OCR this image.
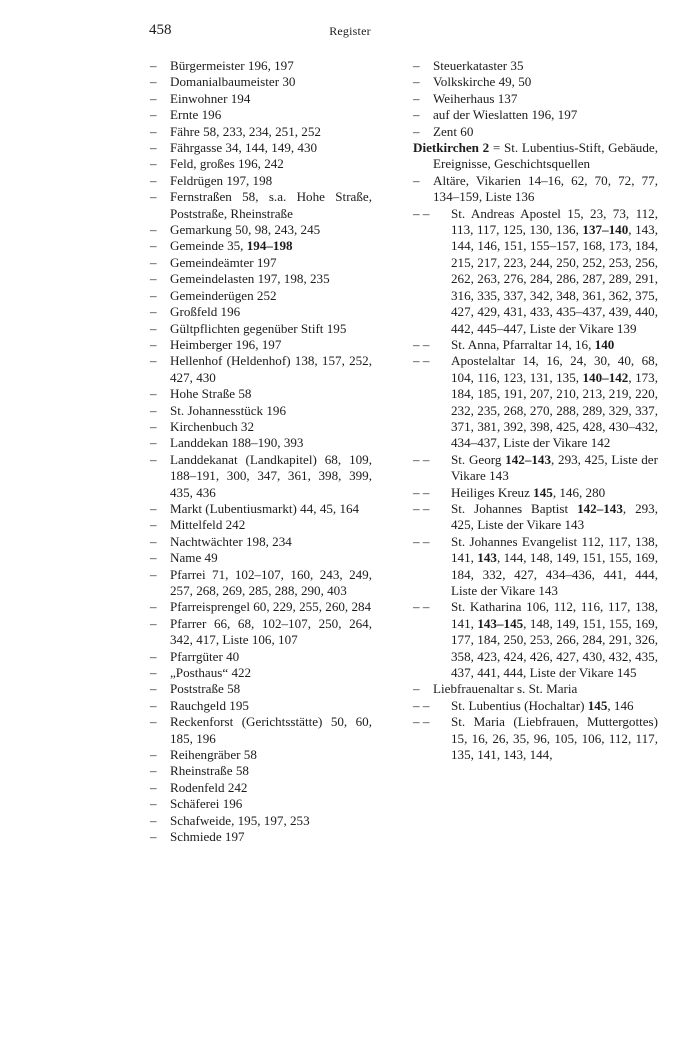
458	Register
– Bürgermeister 196, 197
– Domanialbaumeister 30
– Einwohner 194
– Ernte 196
– Fähre 58, 233, 234, 251, 252
– Fährgasse 34, 144, 149, 430
– Feld, großes 196, 242
– Feldrügen 197, 198
– Fernstraßen 58, s.a. Hohe Straße, Poststraße, Rheinstraße
– Gemarkung 50, 98, 243, 245
– Gemeinde 35, 194–198
– Gemeindeämter 197
– Gemeindelasten 197, 198, 235
– Gemeinderügen 252
– Großfeld 196
– Gültpflichten gegenüber Stift 195
– Heimberger 196, 197
– Hellenhof (Heldenhof) 138, 157, 252, 427, 430
– Hohe Straße 58
– St. Johannesstück 196
– Kirchenbuch 32
– Landdekan 188–190, 393
– Landdekanat (Landkapitel) 68, 109, 188–191, 300, 347, 361, 398, 399, 435, 436
– Markt (Lubentiusmarkt) 44, 45, 164
– Mittelfeld 242
– Nachtwächter 198, 234
– Name 49
– Pfarrei 71, 102–107, 160, 243, 249, 257, 268, 269, 285, 288, 290, 403
– Pfarreisprengel 60, 229, 255, 260, 284
– Pfarrer 66, 68, 102–107, 250, 264, 342, 417, Liste 106, 107
– Pfarrgüter 40
– „Posthaus“ 422
– Poststraße 58
– Rauchgeld 195
– Reckenforst (Gerichtsstätte) 50, 60, 185, 196
– Reihengräber 58
– Rheinstraße 58
– Rodenfeld 242
– Schäferei 196
– Schafweide, 195, 197, 253
– Schmiede 197
– Steuerkataster 35
– Volkskirche 49, 50
– Weiherhaus 137
– auf der Wieslatten 196, 197
– Zent 60
Dietkirchen 2 = St. Lubentius-Stift, Gebäude, Ereignisse, Geschichtsquellen
– Altäre, Vikarien 14–16, 62, 70, 72, 77, 134–159, Liste 136
– – St. Andreas Apostel 15, 23, 73, 112, 113, 117, 125, 130, 136, 137–140, 143, 144, 146, 151, 155–157, 168, 173, 184, 215, 217, 223, 244, 250, 252, 253, 256, 262, 263, 276, 284, 286, 287, 289, 291, 316, 335, 337, 342, 348, 361, 362, 375, 427, 429, 431, 433, 435–437, 439, 440, 442, 445–447, Liste der Vikare 139
– – St. Anna, Pfarraltar 14, 16, 140
– – Apostelaltar 14, 16, 24, 30, 40, 68, 104, 116, 123, 131, 135, 140–142, 173, 184, 185, 191, 207, 210, 213, 219, 220, 232, 235, 268, 270, 288, 289, 329, 337, 371, 381, 392, 398, 425, 428, 430–432, 434–437, Liste der Vikare 142
– – St. Georg 142–143, 293, 425, Liste der Vikare 143
– – Heiliges Kreuz 145, 146, 280
– – St. Johannes Baptist 142–143, 293, 425, Liste der Vikare 143
– – St. Johannes Evangelist 112, 117, 138, 141, 143, 144, 148, 149, 151, 155, 169, 184, 332, 427, 434–436, 441, 444, Liste der Vikare 143
– – St. Katharina 106, 112, 116, 117, 138, 141, 143–145, 148, 149, 151, 155, 169, 177, 184, 250, 253, 266, 284, 291, 326, 358, 423, 424, 426, 427, 430, 432, 435, 437, 441, 444, Liste der Vikare 145
– Liebfrauenaltar s. St. Maria
– – St. Lubentius (Hochaltar) 145, 146
– – St. Maria (Liebfrauen, Muttergottes) 15, 16, 26, 35, 96, 105, 106, 112, 117, 135, 141, 143, 144,
